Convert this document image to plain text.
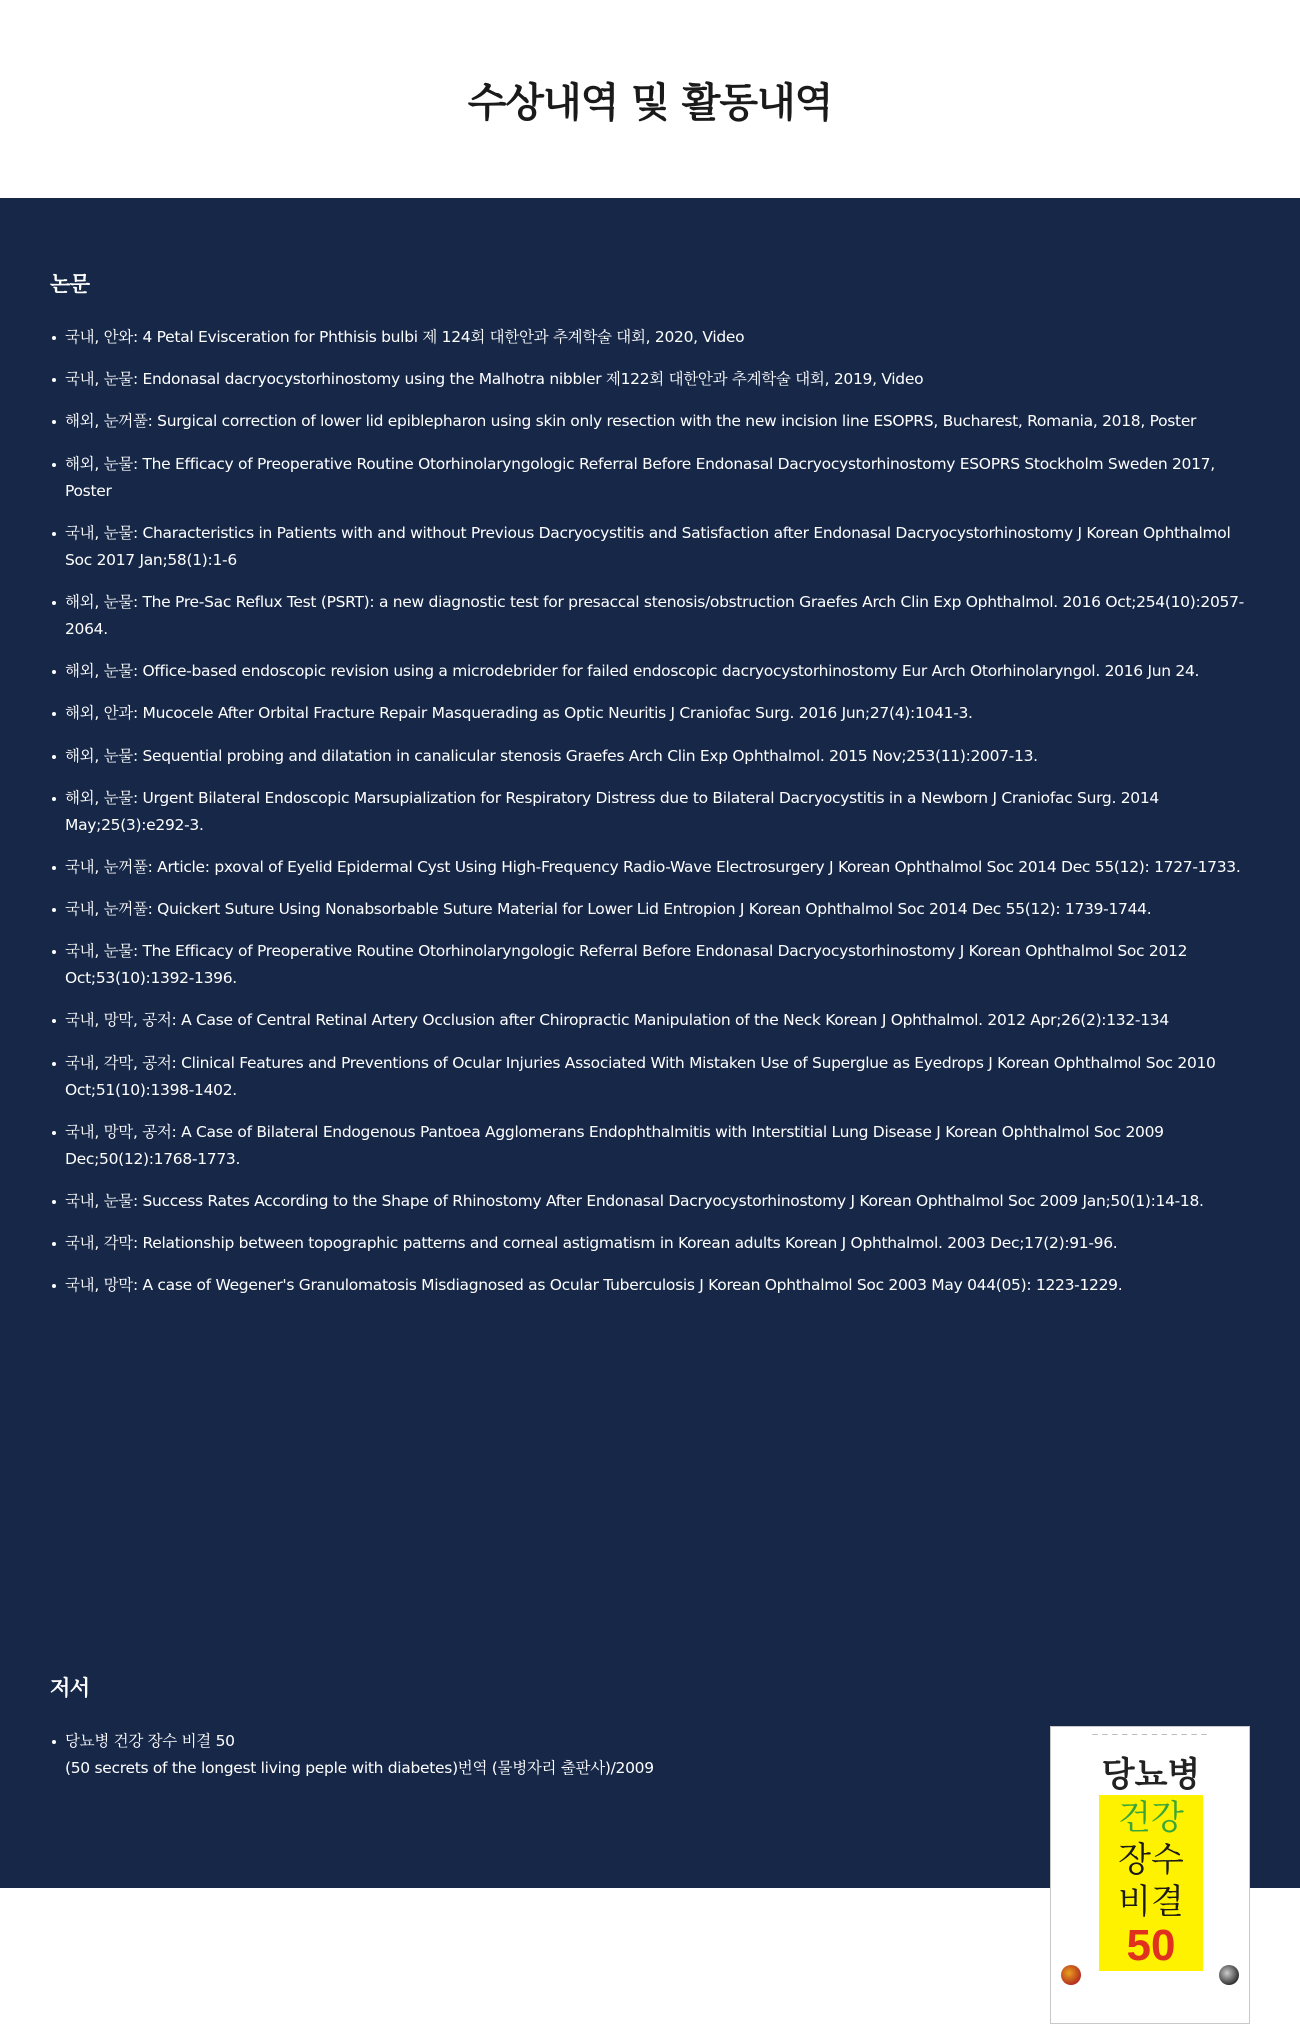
수상내역 및 활동내역
논문
국내, 안와: 4 Petal Evisceration for Phthisis bulbi 제 124회 대한안과 추계학술 대회, 2020, Video
국내, 눈물: Endonasal dacryocystorhinostomy using the Malhotra nibbler 제122회 대한안과 추계학술 대회, 2019, Video
해외, 눈꺼풀: Surgical correction of lower lid epiblepharon using skin only resection with the new incision line ESOPRS, Bucharest, Romania, 2018, Poster
해외, 눈물: The Efficacy of Preoperative Routine Otorhinolaryngologic Referral Before Endonasal Dacryocystorhinostomy ESOPRS Stockholm Sweden 2017, Poster
국내, 눈물: Characteristics in Patients with and without Previous Dacryocystitis and Satisfaction after Endonasal Dacryocystorhinostomy J Korean Ophthalmol Soc 2017 Jan;58(1):1-6
해외, 눈물: The Pre-Sac Reflux Test (PSRT): a new diagnostic test for presaccal stenosis/obstruction Graefes Arch Clin Exp Ophthalmol. 2016 Oct;254(10):2057-2064.
해외, 눈물: Office-based endoscopic revision using a microdebrider for failed endoscopic dacryocystorhinostomy Eur Arch Otorhinolaryngol. 2016 Jun 24.
해외, 안과: Mucocele After Orbital Fracture Repair Masquerading as Optic Neuritis J Craniofac Surg. 2016 Jun;27(4):1041-3.
해외, 눈물: Sequential probing and dilatation in canalicular stenosis Graefes Arch Clin Exp Ophthalmol. 2015 Nov;253(11):2007-13.
해외, 눈물: Urgent Bilateral Endoscopic Marsupialization for Respiratory Distress due to Bilateral Dacryocystitis in a Newborn J Craniofac Surg. 2014 May;25(3):e292-3.
국내, 눈꺼풀: Article: pxoval of Eyelid Epidermal Cyst Using High-Frequency Radio-Wave Electrosurgery J Korean Ophthalmol Soc 2014 Dec 55(12): 1727-1733.
국내, 눈꺼풀: Quickert Suture Using Nonabsorbable Suture Material for Lower Lid Entropion J Korean Ophthalmol Soc 2014 Dec 55(12): 1739-1744.
국내, 눈물: The Efficacy of Preoperative Routine Otorhinolaryngologic Referral Before Endonasal Dacryocystorhinostomy J Korean Ophthalmol Soc 2012 Oct;53(10):1392-1396.
국내, 망막, 공저: A Case of Central Retinal Artery Occlusion after Chiropractic Manipulation of the Neck Korean J Ophthalmol. 2012 Apr;26(2):132-134
국내, 각막, 공저: Clinical Features and Preventions of Ocular Injuries Associated With Mistaken Use of Superglue as Eyedrops J Korean Ophthalmol Soc 2010 Oct;51(10):1398-1402.
국내, 망막, 공저: A Case of Bilateral Endogenous Pantoea Agglomerans Endophthalmitis with Interstitial Lung Disease J Korean Ophthalmol Soc 2009 Dec;50(12):1768-1773.
국내, 눈물: Success Rates According to the Shape of Rhinostomy After Endonasal Dacryocystorhinostomy J Korean Ophthalmol Soc 2009 Jan;50(1):14-18.
국내, 각막: Relationship between topographic patterns and corneal astigmatism in Korean adults Korean J Ophthalmol. 2003 Dec;17(2):91-96.
국내, 망막: A case of Wegener's Granulomatosis Misdiagnosed as Ocular Tuberculosis J Korean Ophthalmol Soc 2003 May 044(05): 1223-1229.
저서
당뇨병 건강 장수 비결 50
(50 secrets of the longest living peple with diabetes)번역 (물병자리 출판사)/2009
— — — — — — — — — — — —
당뇨병
건강
장수
비결
50
